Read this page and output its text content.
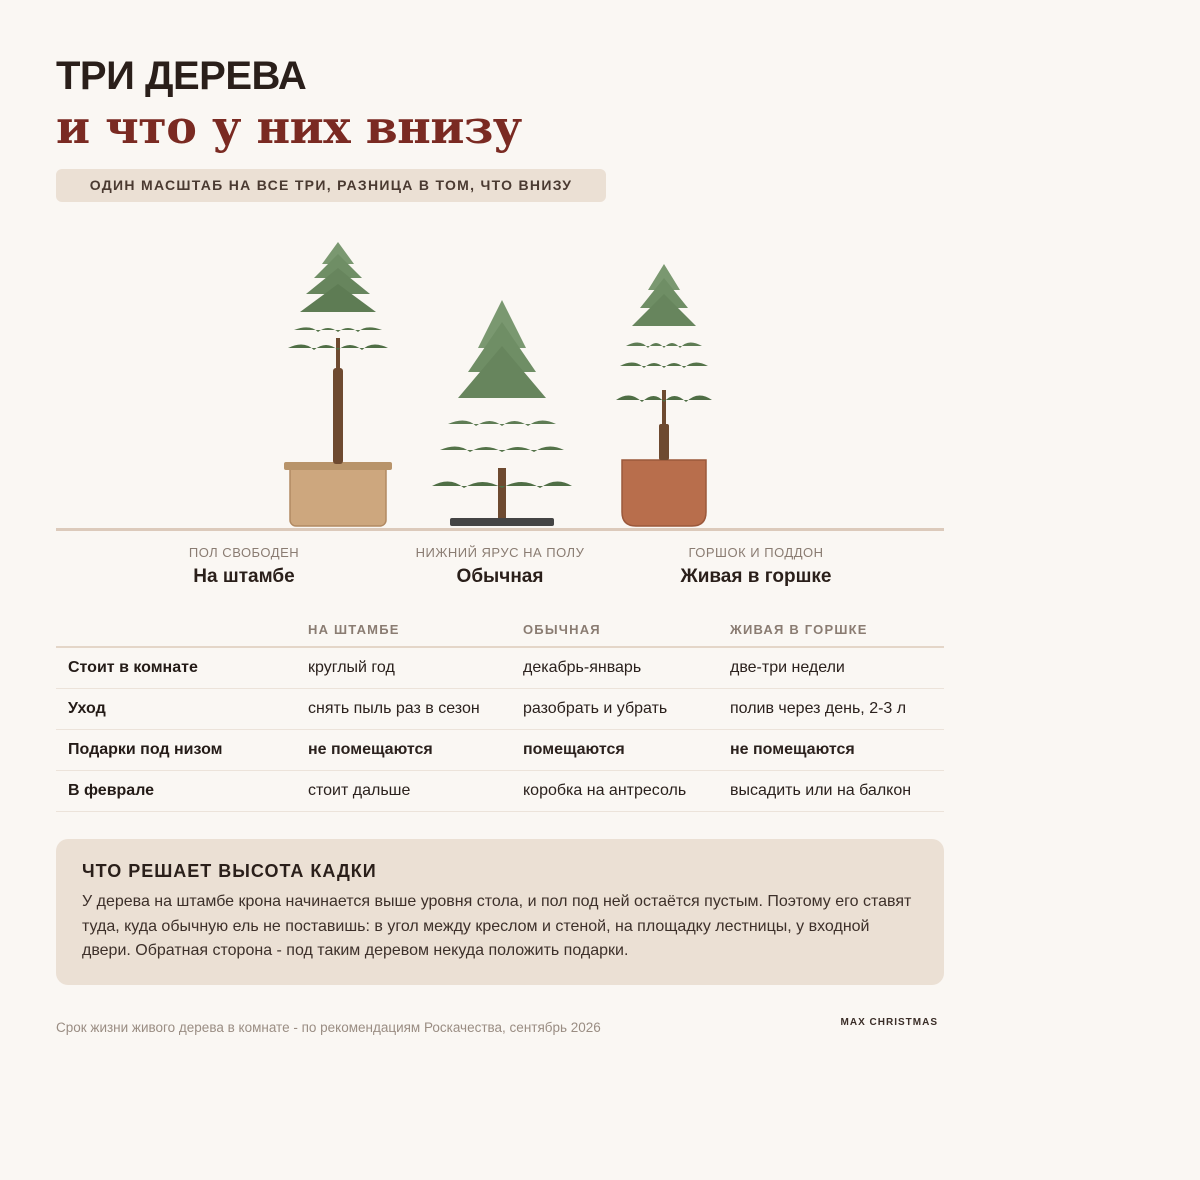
ТРИ ДЕРЕВА
и что у них внизу
ОДИН МАСШТАБ НА ВСЕ ТРИ, РАЗНИЦА В ТОМ, ЧТО ВНИЗУ
ПОЛ СВОБОДЕН
На штамбе
НИЖНИЙ ЯРУС НА ПОЛУ
Обычная
ГОРШОК И ПОДДОН
Живая в горшке
	НА ШТАМБЕ	ОБЫЧНАЯ	ЖИВАЯ В ГОРШКЕ
Стоит в комнате	круглый год	декабрь-январь	две-три недели
Уход	снять пыль раз в сезон	разобрать и убрать	полив через день, 2-3 л
Подарки под низом	не помещаются	помещаются	не помещаются
В феврале	стоит дальше	коробка на антресоль	высадить или на балкон
ЧТО РЕШАЕТ ВЫСОТА КАДКИ

У дерева на штамбе крона начинается выше уровня стола, и пол под ней остаётся пустым. Поэтому его ставят туда, куда обычную ель не поставишь: в угол между креслом и стеной, на площадку лестницы, у входной двери. Обратная сторона - под таким деревом некуда положить подарки.

Срок жизни живого дерева в комнате - по рекомендациям Роскачества, сентябрь 2026	MAX CHRISTMAS
